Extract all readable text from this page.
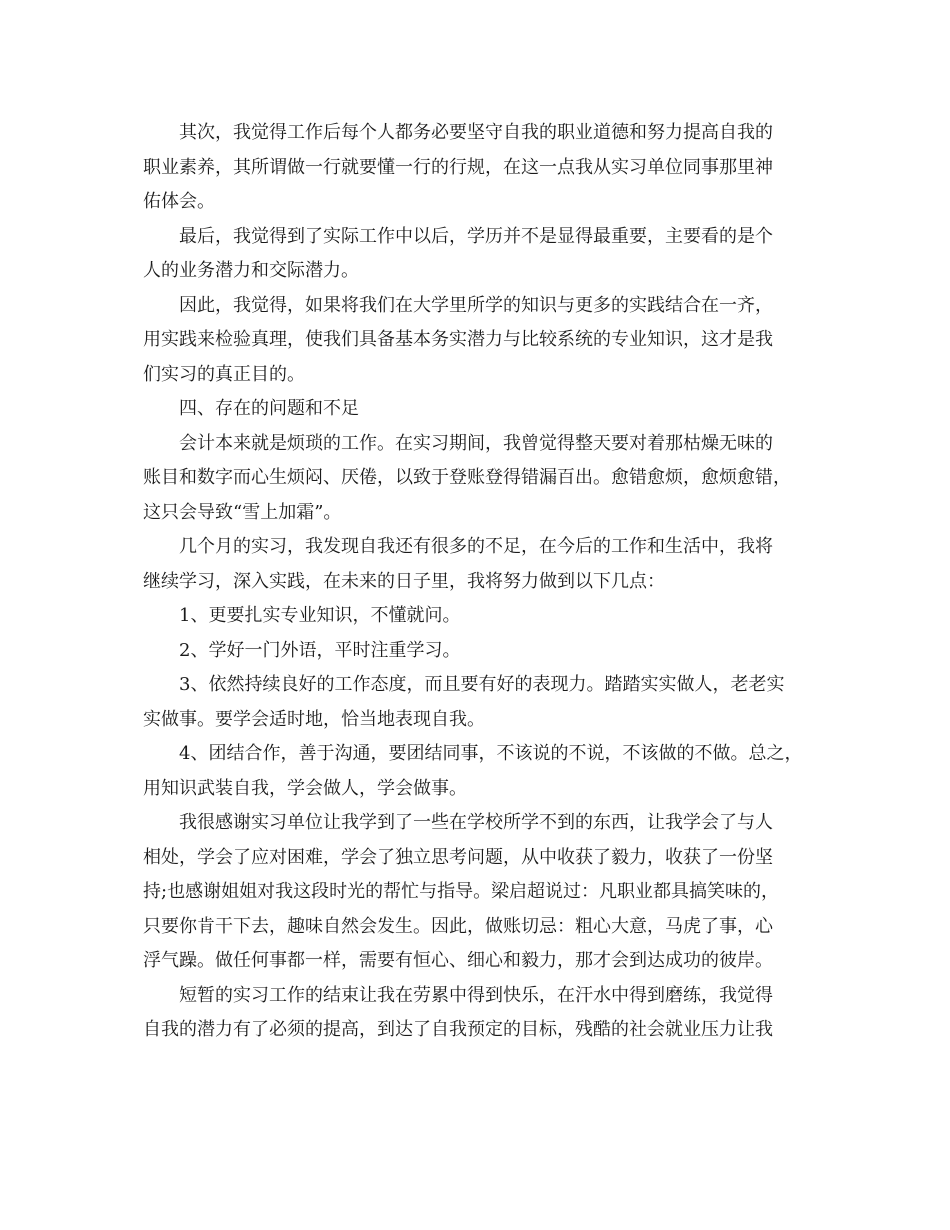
其次，我觉得工作后每个人都务必要坚守自我的职业道德和努力提高自我的
职业素养，其所谓做一行就要懂一行的行规，在这一点我从实习单位同事那里神
佑体会。
最后，我觉得到了实际工作中以后，学历并不是显得最重要，主要看的是个
人的业务潜力和交际潜力。
因此，我觉得，如果将我们在大学里所学的知识与更多的实践结合在一齐，
用实践来检验真理，使我们具备基本务实潜力与比较系统的专业知识，这才是我
们实习的真正目的。
四、存在的问题和不足
会计本来就是烦琐的工作。在实习期间，我曾觉得整天要对着那枯燥无味的
账目和数字而心生烦闷、厌倦，以致于登账登得错漏百出。愈错愈烦，愈烦愈错，
这只会导致“雪上加霜”。
几个月的实习，我发现自我还有很多的不足，在今后的工作和生活中，我将
继续学习，深入实践，在未来的日子里，我将努力做到以下几点：
1、更要扎实专业知识，不懂就问。
2、学好一门外语，平时注重学习。
3、依然持续良好的工作态度，而且要有好的表现力。踏踏实实做人，老老实
实做事。要学会适时地，恰当地表现自我。
4、团结合作，善于沟通，要团结同事，不该说的不说，不该做的不做。总之，
用知识武装自我，学会做人，学会做事。
我很感谢实习单位让我学到了一些在学校所学不到的东西，让我学会了与人
相处，学会了应对困难，学会了独立思考问题，从中收获了毅力，收获了一份坚
持;也感谢姐姐对我这段时光的帮忙与指导。梁启超说过：凡职业都具搞笑味的，
只要你肯干下去，趣味自然会发生。因此，做账切忌：粗心大意，马虎了事，心
浮气躁。做任何事都一样，需要有恒心、细心和毅力，那才会到达成功的彼岸。
短暂的实习工作的结束让我在劳累中得到快乐，在汗水中得到磨练，我觉得
自我的潜力有了必须的提高，到达了自我预定的目标，残酷的社会就业压力让我
